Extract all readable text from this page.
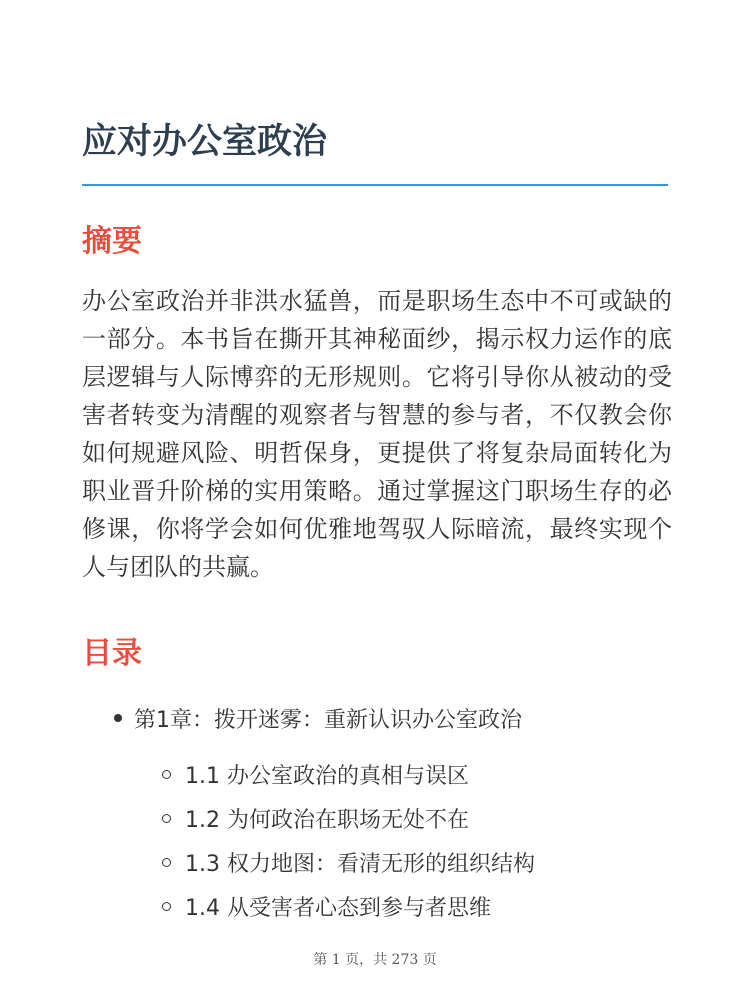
应对办公室政治
摘要

办公室政治并非洪水猛兽，而是职场生态中不可或缺的一部分。本书旨在撕开其神秘面纱，揭示权力运作的底层逻辑与人际博弈的无形规则。它将引导你从被动的受害者转变为清醒的观察者与智慧的参与者，不仅教会你如何规避风险、明哲保身，更提供了将复杂局面转化为职业晋升阶梯的实用策略。通过掌握这门职场生存的必修课，你将学会如何优雅地驾驭人际暗流，最终实现个人与团队的共赢。

目录
第1章：拨开迷雾：重新认识办公室政治
1.1 办公室政治的真相与误区
1.2 为何政治在职场无处不在
1.3 权力地图：看清无形的组织结构
1.4 从受害者心态到参与者思维
第 1 页，共 273 页
